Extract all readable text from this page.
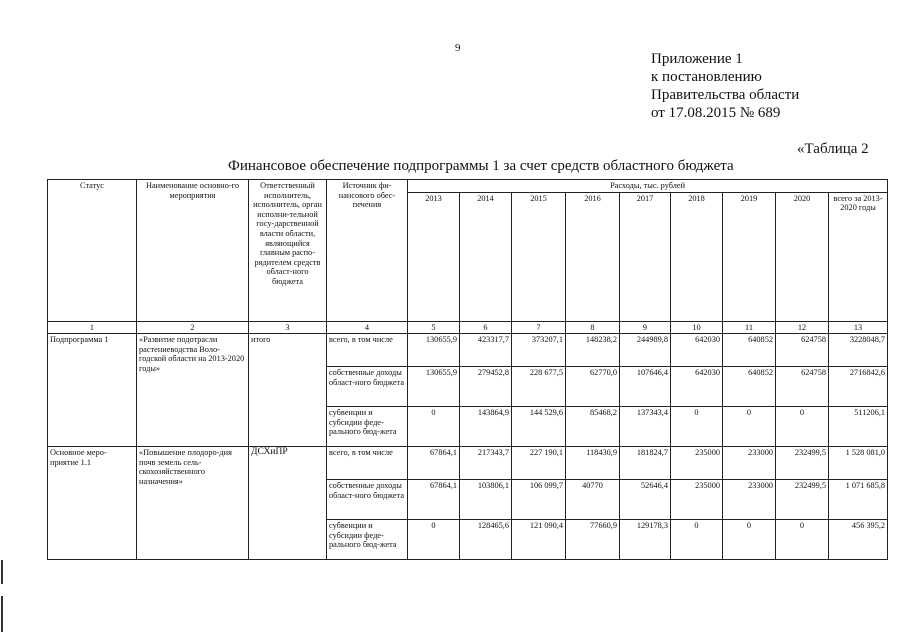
9
Приложение 1
к постановлению
Правительства области
от 17.08.2015 № 689
«Таблица 2
Финансовое обеспечение подпрограммы 1 за счет средств областного бюджета
Статус	Наименование основно-го мероприятия	Ответственный исполнитель, исполнитель, орган исполни-тельной госу-дарственной власти области, являющийся главным распо-рядителем средств област-ного бюджета	Источник фи-нансового обес-печения	Расходы, тыс. рублей								
				2013	2014	2015	2016	2017	2018	2019	2020	всего за 2013-2020 годы
1	2	3	4	5	6	7	8	9	10	11	12	13
Подпрограмма 1	«Развитие подотрасли растениеводства Воло-годской области на 2013-2020 годы»	итого	всего, в том числе	130655,9	423317,7	373207,1	148238,2	244989,8	642030	640852	624758	3228048,7
			собственные доходы област-ного бюджета	130655,9	279452,8	228 677,5	62770,0	107646,4	642030	640852	624758	2716842,6
			субвенции и субсидии феде-рального бюд-жета	0	143864,9	144 529,6	85468,2	137343,4	0	0	0	511206,1
Основное меро-приятие 1.1	«Повышение плодоро-дия почв земель сель-скохозяйственного назначения»	ДСХиПР	всего, в том числе	67864,1	217343,7	227 190,1	118430,9	181824,7	235000	233000	232499,5	1 528 081,0
			собственные доходы област-ного бюджета	67864,1	103806,1	106 099,7	40770	52646,4	235000	233000	232499,5	1 071 685,8
			субвенции и субсидии феде-рального бюд-жета	0	128465,6	121 090,4	77660,9	129178,3	0	0	0	456 395,2
